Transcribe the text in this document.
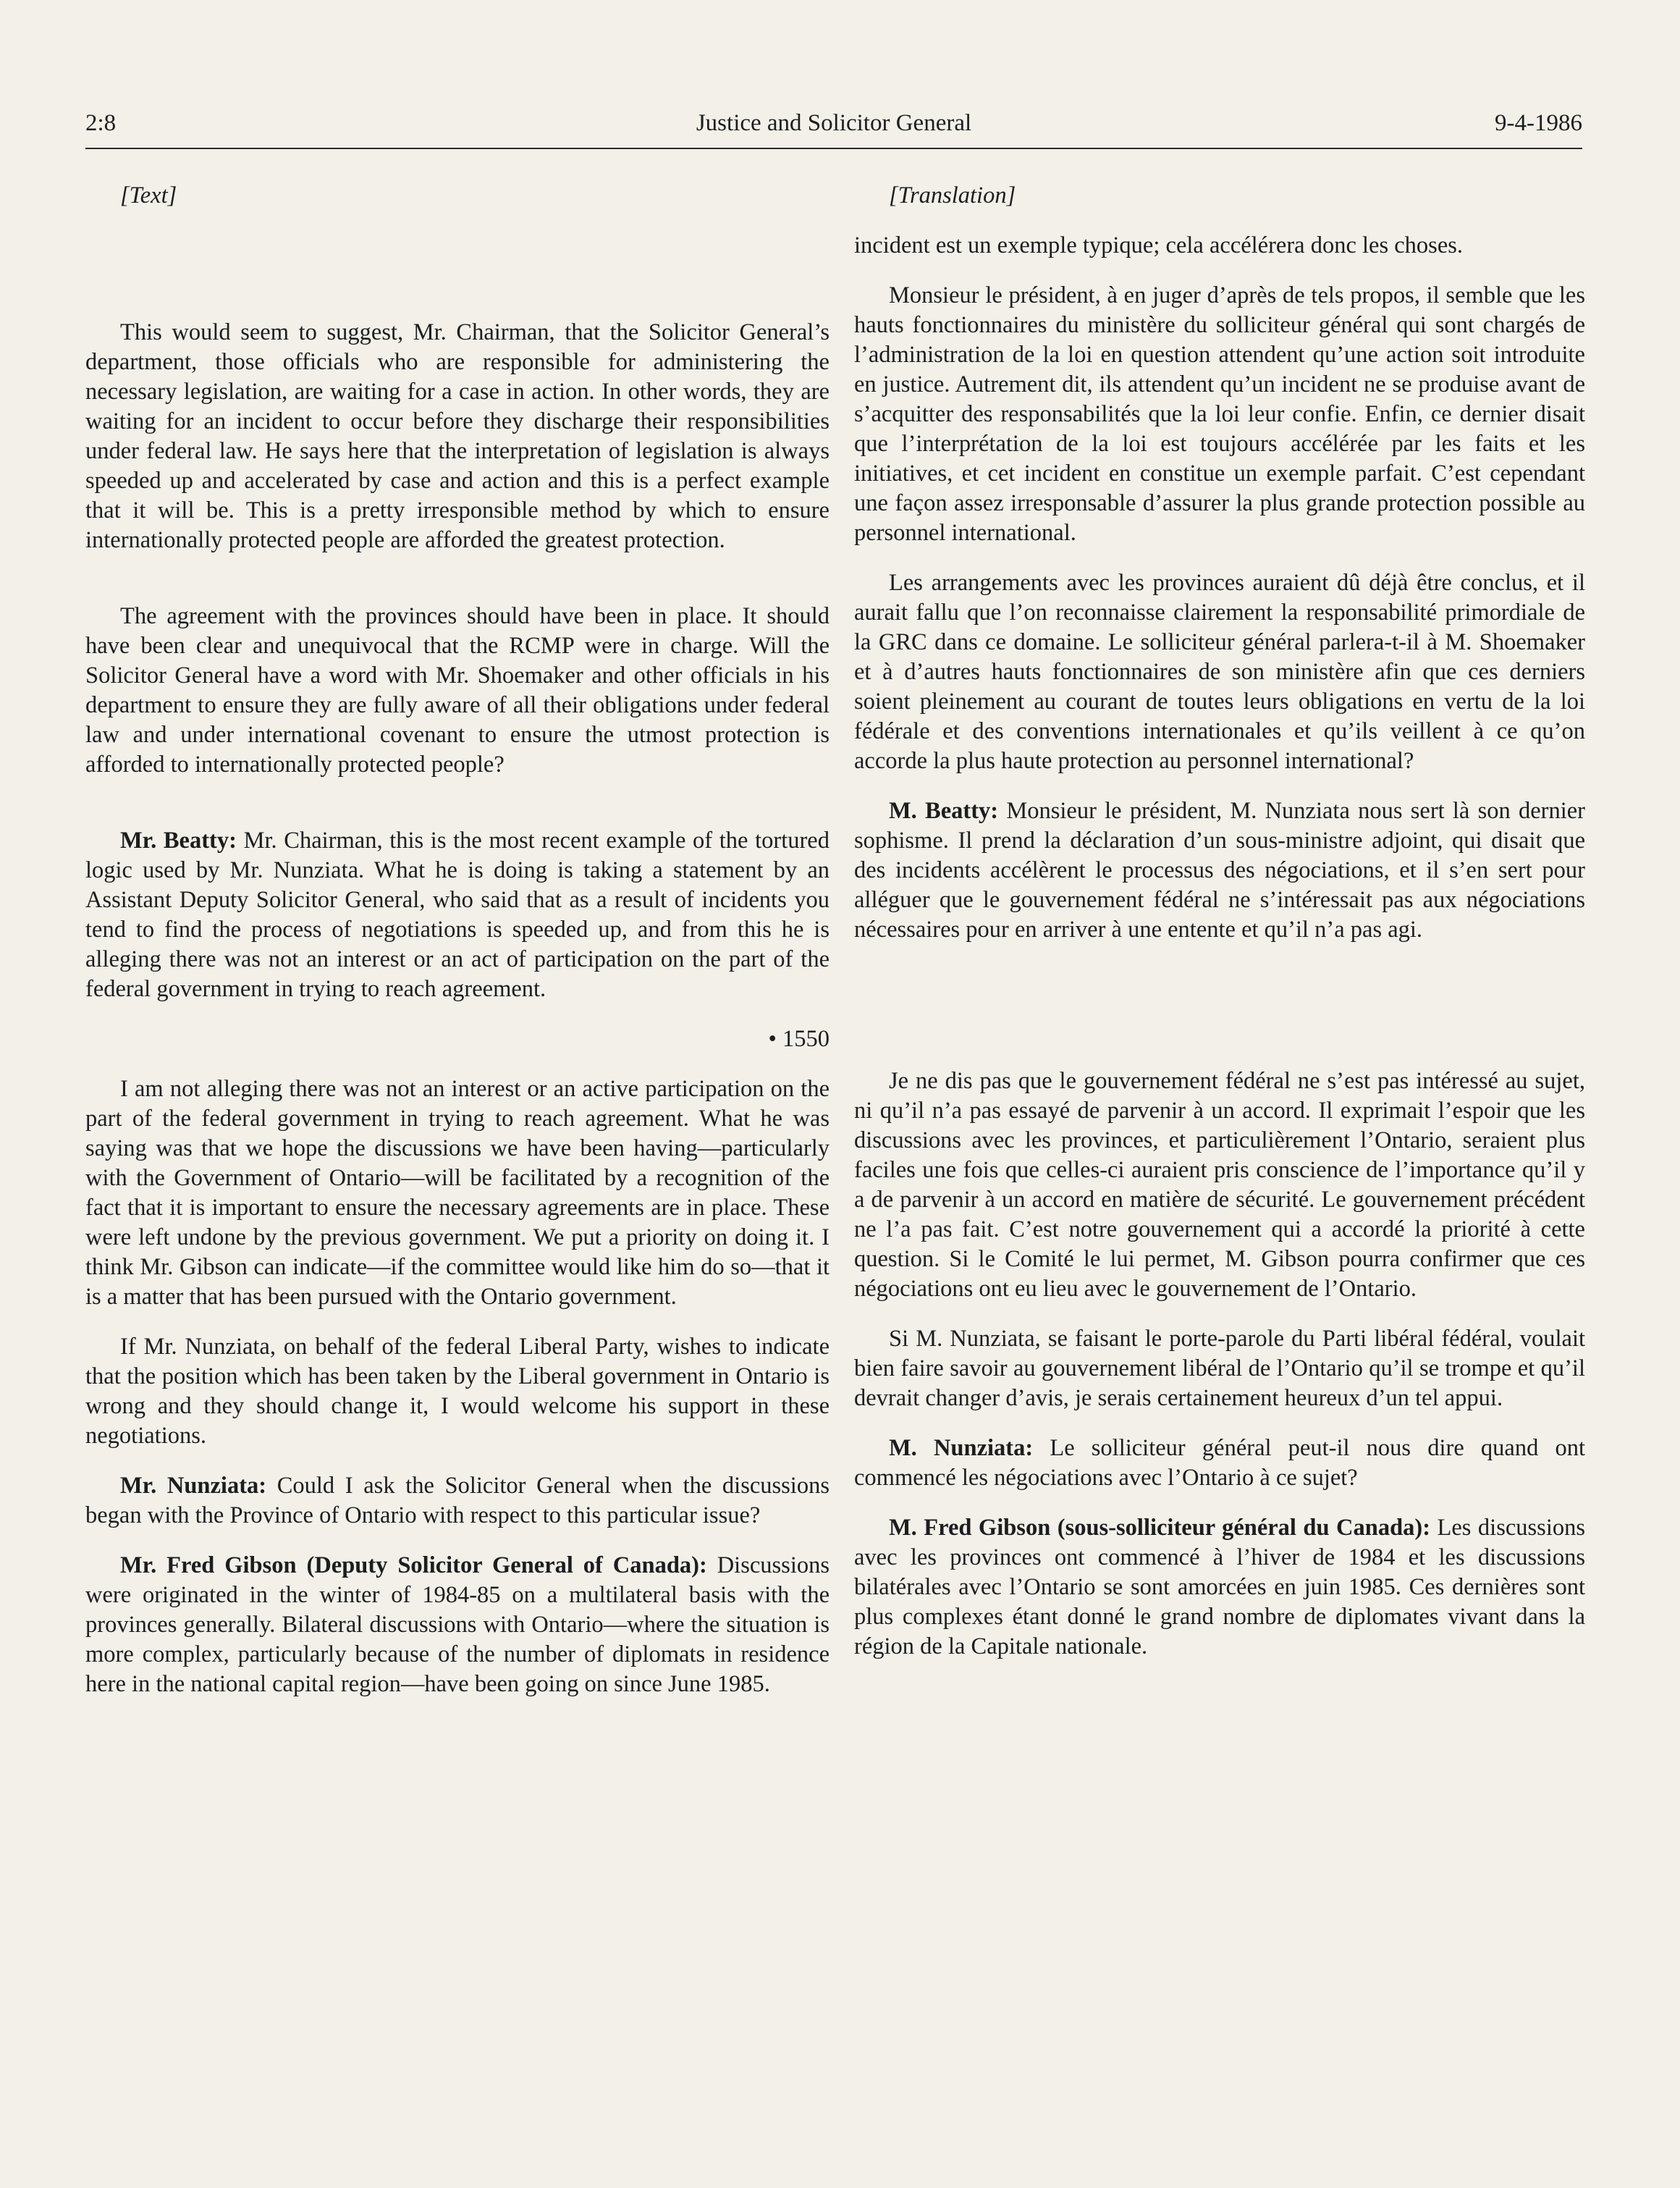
2:8	Justice and Solicitor General	9-4-1986

[Text]

This would seem to suggest, Mr. Chairman, that the Solicitor General’s department, those officials who are responsible for administering the necessary legislation, are waiting for a case in action. In other words, they are waiting for an incident to occur before they discharge their responsibilities under federal law. He says here that the interpretation of legislation is always speeded up and accelerated by case and action and this is a perfect example that it will be. This is a pretty irresponsible method by which to ensure internationally protected people are afforded the greatest protection.

The agreement with the provinces should have been in place. It should have been clear and unequivocal that the RCMP were in charge. Will the Solicitor General have a word with Mr. Shoemaker and other officials in his department to ensure they are fully aware of all their obligations under federal law and under international covenant to ensure the utmost protection is afforded to internationally protected people?

Mr. Beatty: Mr. Chairman, this is the most recent example of the tortured logic used by Mr. Nunziata. What he is doing is taking a statement by an Assistant Deputy Solicitor General, who said that as a result of incidents you tend to find the process of negotiations is speeded up, and from this he is alleging there was not an interest or an act of participation on the part of the federal government in trying to reach agreement.

• 1550

I am not alleging there was not an interest or an active participation on the part of the federal government in trying to reach agreement. What he was saying was that we hope the discussions we have been having—particularly with the Government of Ontario—will be facilitated by a recognition of the fact that it is important to ensure the necessary agreements are in place. These were left undone by the previous government. We put a priority on doing it. I think Mr. Gibson can indicate—if the committee would like him do so—that it is a matter that has been pursued with the Ontario government.

If Mr. Nunziata, on behalf of the federal Liberal Party, wishes to indicate that the position which has been taken by the Liberal government in Ontario is wrong and they should change it, I would welcome his support in these negotiations.

Mr. Nunziata: Could I ask the Solicitor General when the discussions began with the Province of Ontario with respect to this particular issue?

Mr. Fred Gibson (Deputy Solicitor General of Canada): Discussions were originated in the winter of 1984-85 on a multilateral basis with the provinces generally. Bilateral discussions with Ontario—where the situation is more complex, particularly because of the number of diplomats in residence here in the national capital region—have been going on since June 1985.

[Translation]

incident est un exemple typique; cela accélérera donc les choses.

Monsieur le président, à en juger d’après de tels propos, il semble que les hauts fonctionnaires du ministère du solliciteur général qui sont chargés de l’administration de la loi en question attendent qu’une action soit introduite en justice. Autrement dit, ils attendent qu’un incident ne se produise avant de s’acquitter des responsabilités que la loi leur confie. Enfin, ce dernier disait que l’interprétation de la loi est toujours accélérée par les faits et les initiatives, et cet incident en constitue un exemple parfait. C’est cependant une façon assez irresponsable d’assurer la plus grande protection possible au personnel international.

Les arrangements avec les provinces auraient dû déjà être conclus, et il aurait fallu que l’on reconnaisse clairement la responsabilité primordiale de la GRC dans ce domaine. Le solliciteur général parlera-t-il à M. Shoemaker et à d’autres hauts fonctionnaires de son ministère afin que ces derniers soient pleinement au courant de toutes leurs obligations en vertu de la loi fédérale et des conventions internationales et qu’ils veillent à ce qu’on accorde la plus haute protection au personnel international?

M. Beatty: Monsieur le président, M. Nunziata nous sert là son dernier sophisme. Il prend la déclaration d’un sous-ministre adjoint, qui disait que des incidents accélèrent le processus des négociations, et il s’en sert pour alléguer que le gouvernement fédéral ne s’intéressait pas aux négociations nécessaires pour en arriver à une entente et qu’il n’a pas agi.

Je ne dis pas que le gouvernement fédéral ne s’est pas intéressé au sujet, ni qu’il n’a pas essayé de parvenir à un accord. Il exprimait l’espoir que les discussions avec les provinces, et particulièrement l’Ontario, seraient plus faciles une fois que celles-ci auraient pris conscience de l’importance qu’il y a de parvenir à un accord en matière de sécurité. Le gouvernement précédent ne l’a pas fait. C’est notre gouvernement qui a accordé la priorité à cette question. Si le Comité le lui permet, M. Gibson pourra confirmer que ces négociations ont eu lieu avec le gouvernement de l’Ontario.

Si M. Nunziata, se faisant le porte-parole du Parti libéral fédéral, voulait bien faire savoir au gouvernement libéral de l’Ontario qu’il se trompe et qu’il devrait changer d’avis, je serais certainement heureux d’un tel appui.

M. Nunziata: Le solliciteur général peut-il nous dire quand ont commencé les négociations avec l’Ontario à ce sujet?

M. Fred Gibson (sous-solliciteur général du Canada): Les discussions avec les provinces ont commencé à l’hiver de 1984 et les discussions bilatérales avec l’Ontario se sont amorcées en juin 1985. Ces dernières sont plus complexes étant donné le grand nombre de diplomates vivant dans la région de la Capitale nationale.
